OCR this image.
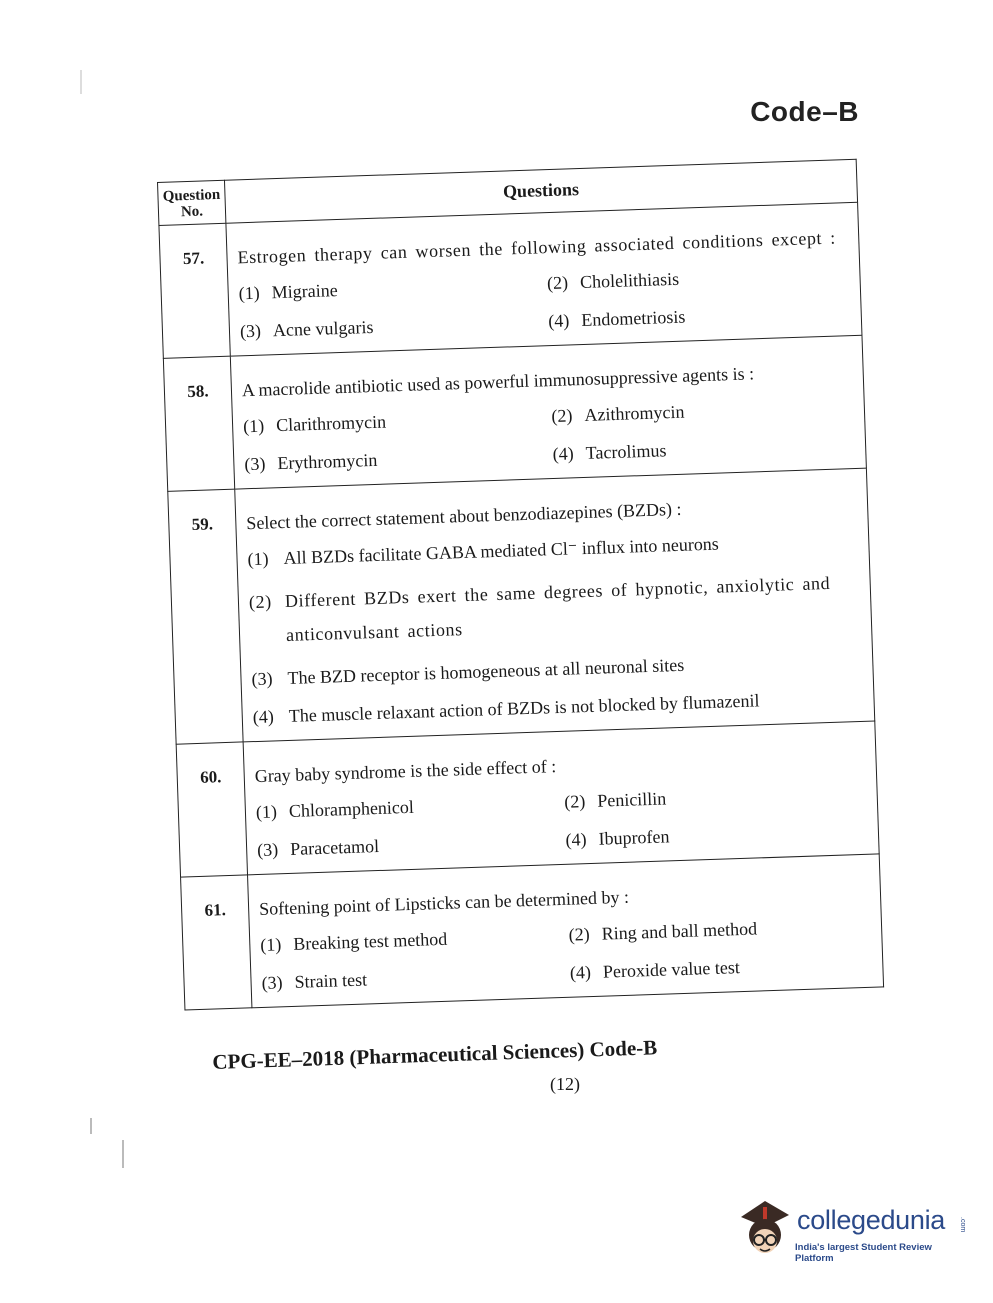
Code–B
Question No.	Questions
57.	Estrogen therapy can worsen the following associated conditions except :
(1) Migraine (2) Cholelithiasis
(3) Acne vulgaris (4) Endometriosis

58.	A macrolide antibiotic used as powerful immunosuppressive agents is :
(1) Clarithromycin (2) Azithromycin
(3) Erythromycin (4) Tacrolimus

59.	Select the correct statement about benzodiazepines (BZDs) :
(1) All BZDs facilitate GABA mediated Cl⁻ influx into neurons
(2) Different BZDs exert the same degrees of hypnotic, anxiolytic and anticonvulsant actions
(3) The BZD receptor is homogeneous at all neuronal sites
(4) The muscle relaxant action of BZDs is not blocked by flumazenil

60.	Gray baby syndrome is the side effect of :
(1) Chloramphenicol (2) Penicillin
(3) Paracetamol (4) Ibuprofen

61.	Softening point of Lipsticks can be determined by :
(1) Breaking test method (2) Ring and ball method
(3) Strain test (4) Peroxide value test
CPG-EE–2018 (Pharmaceutical Sciences) Code-B
(12)
collegedunia .com
India's largest Student Review Platform
